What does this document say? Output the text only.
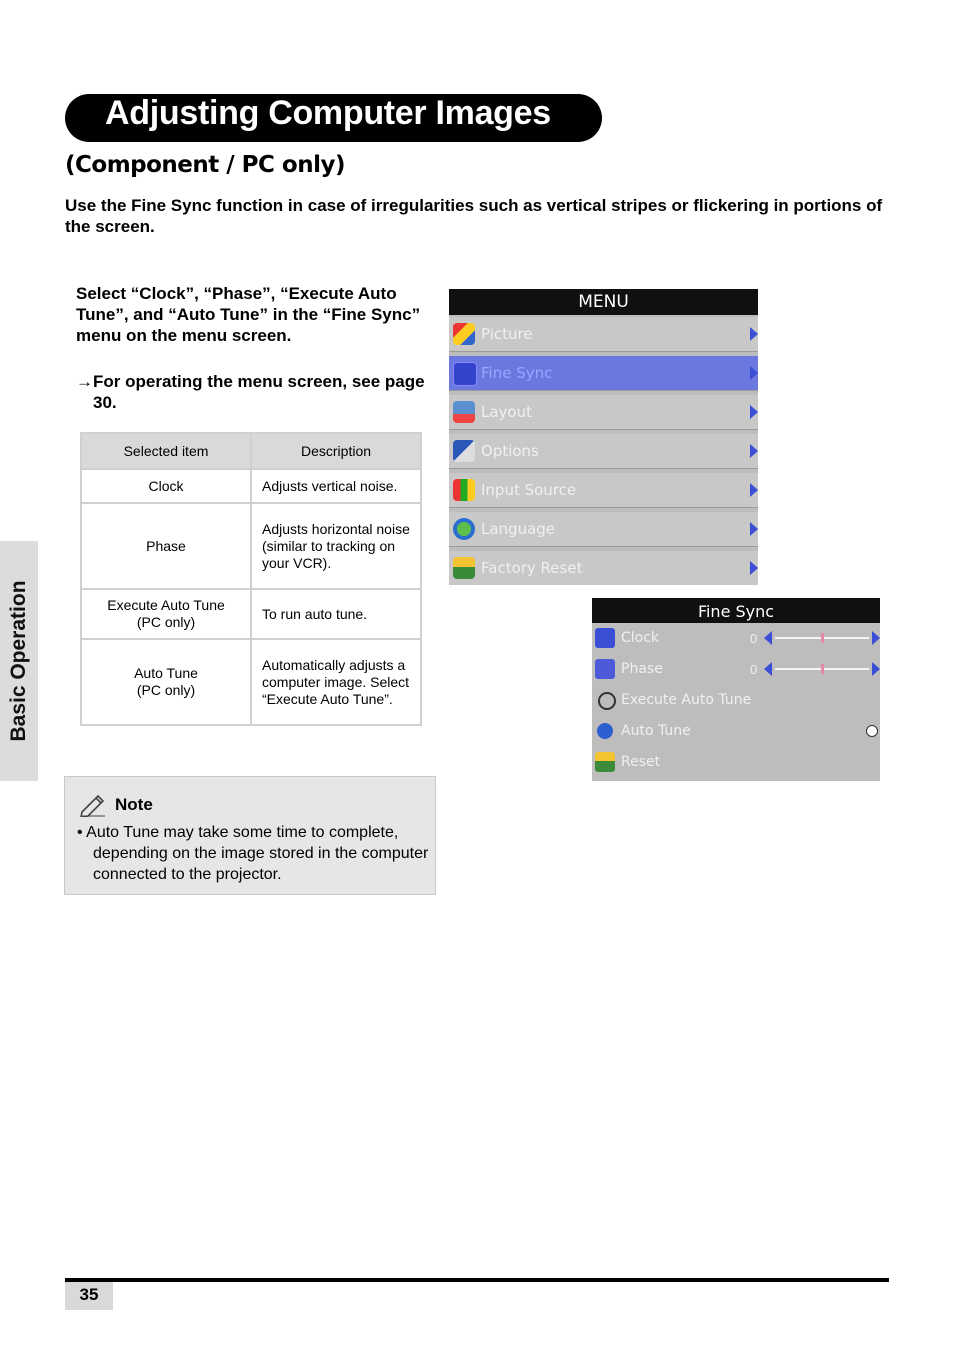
Adjusting Computer Images
(Component / PC only)

Use the Fine Sync function in case of irregularities such as vertical stripes or flickering in portions of the screen.

Select “Clock”, “Phase”, “Execute Auto Tune”, and “Auto Tune” in the “Fine Sync” menu on the menu screen.

→For operating the menu screen, see page 30.

Selected item	Description
Clock	Adjusts vertical noise.
Phase	Adjusts horizontal noise (similar to tracking on your VCR).
Execute Auto Tune
(PC only)	To run auto tune.
Auto Tune
(PC only)	Automatically adjusts a computer image. Select “Execute Auto Tune”.
MENU
Picture
Fine Sync
Layout
Options
Input Source
Language
Factory Reset
Fine Sync
Clock	0
Phase	0
Execute Auto Tune
Auto Tune
Reset
Note

• Auto Tune may take some time to complete, depending on the image stored in the computer connected to the projector.

Basic Operation
35
